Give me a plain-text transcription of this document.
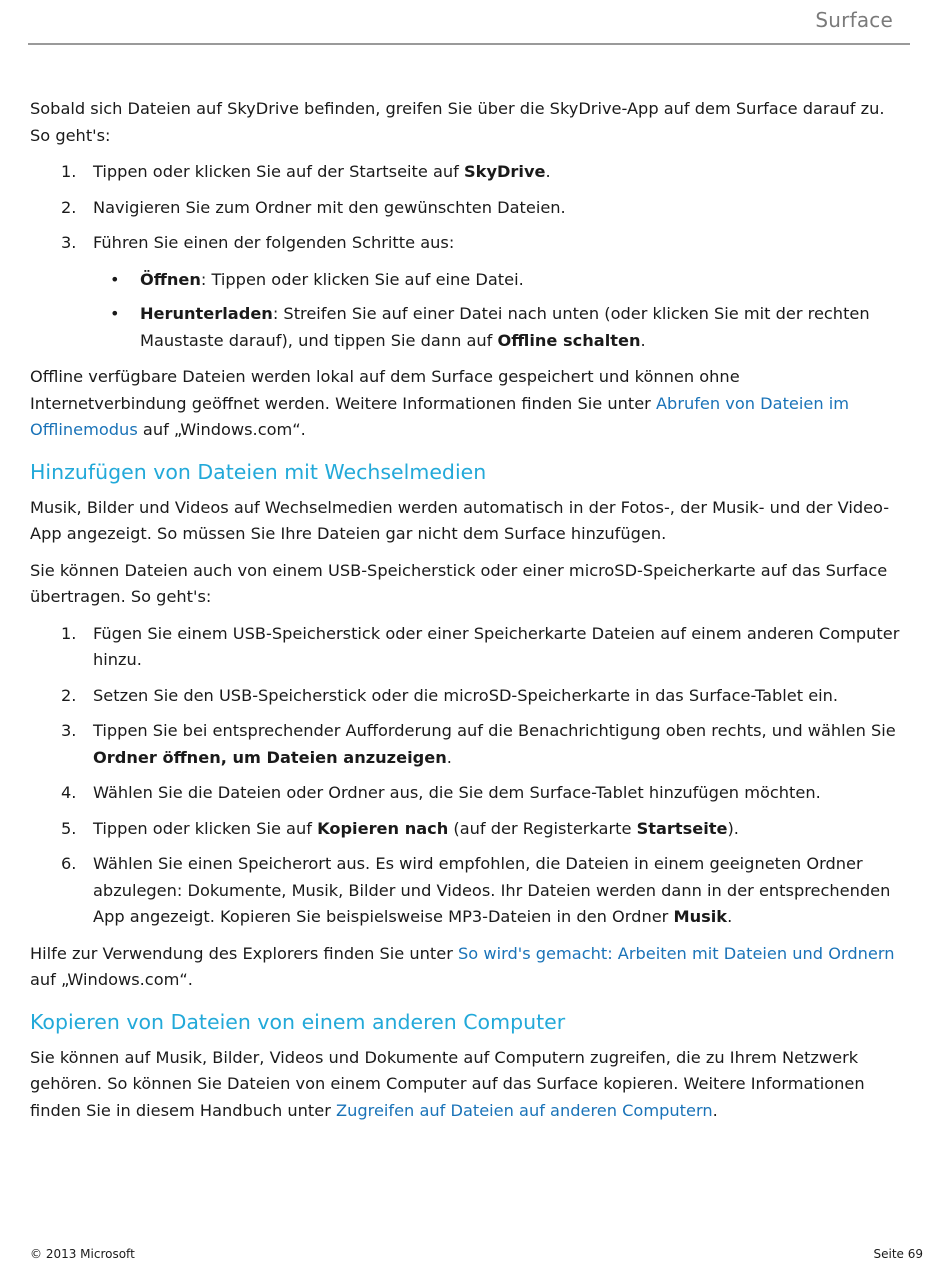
Surface

Sobald sich Dateien auf SkyDrive befinden, greifen Sie über die SkyDrive-App auf dem Surface darauf zu. So geht's:

1. Tippen oder klicken Sie auf der Startseite auf SkyDrive.
2. Navigieren Sie zum Ordner mit den gewünschten Dateien.
3. Führen Sie einen der folgenden Schritte aus:
• Öffnen: Tippen oder klicken Sie auf eine Datei.
• Herunterladen: Streifen Sie auf einer Datei nach unten (oder klicken Sie mit der rechten Maustaste darauf), und tippen Sie dann auf Offline schalten.

Offline verfügbare Dateien werden lokal auf dem Surface gespeichert und können ohne Internetverbindung geöffnet werden. Weitere Informationen finden Sie unter Abrufen von Dateien im Offlinemodus auf „Windows.com“.

Hinzufügen von Dateien mit Wechselmedien

Musik, Bilder und Videos auf Wechselmedien werden automatisch in der Fotos-, der Musik- und der Video-App angezeigt. So müssen Sie Ihre Dateien gar nicht dem Surface hinzufügen.

Sie können Dateien auch von einem USB-Speicherstick oder einer microSD-Speicherkarte auf das Surface übertragen. So geht's:

1. Fügen Sie einem USB-Speicherstick oder einer Speicherkarte Dateien auf einem anderen Computer hinzu.
2. Setzen Sie den USB-Speicherstick oder die microSD-Speicherkarte in das Surface-Tablet ein.
3. Tippen Sie bei entsprechender Aufforderung auf die Benachrichtigung oben rechts, und wählen Sie Ordner öffnen, um Dateien anzuzeigen.
4. Wählen Sie die Dateien oder Ordner aus, die Sie dem Surface-Tablet hinzufügen möchten.
5. Tippen oder klicken Sie auf Kopieren nach (auf der Registerkarte Startseite).
6. Wählen Sie einen Speicherort aus. Es wird empfohlen, die Dateien in einem geeigneten Ordner abzulegen: Dokumente, Musik, Bilder und Videos. Ihr Dateien werden dann in der entsprechenden App angezeigt. Kopieren Sie beispielsweise MP3-Dateien in den Ordner Musik.

Hilfe zur Verwendung des Explorers finden Sie unter So wird's gemacht: Arbeiten mit Dateien und Ordnern auf „Windows.com“.

Kopieren von Dateien von einem anderen Computer

Sie können auf Musik, Bilder, Videos und Dokumente auf Computern zugreifen, die zu Ihrem Netzwerk gehören. So können Sie Dateien von einem Computer auf das Surface kopieren. Weitere Informationen finden Sie in diesem Handbuch unter Zugreifen auf Dateien auf anderen Computern.

© 2013 Microsoft	Seite 69
